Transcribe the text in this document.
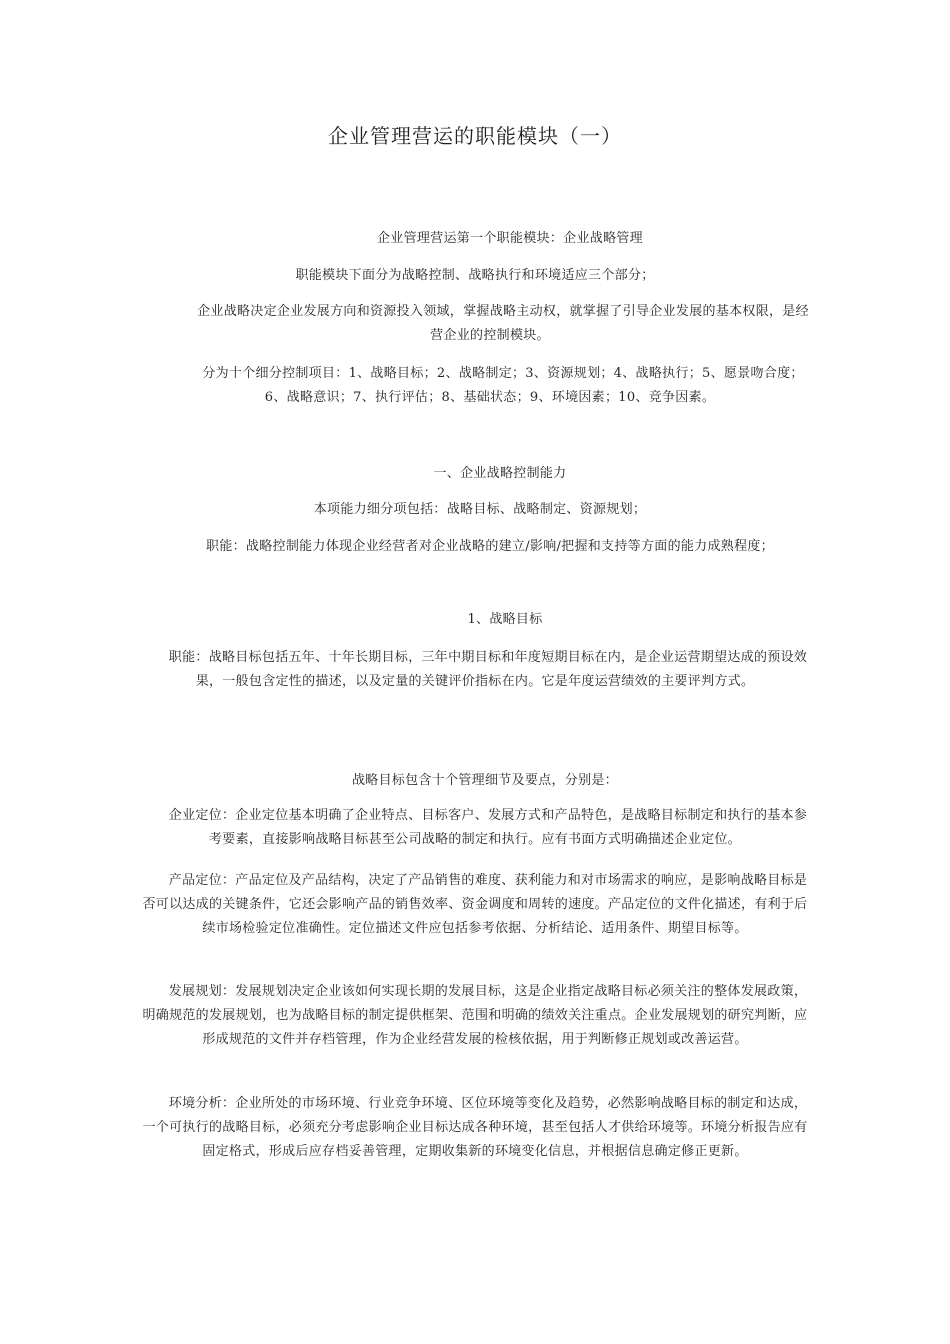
企业管理营运的职能模块（一）
企业管理营运第一个职能模块：企业战略管理
职能模块下面分为战略控制、战略执行和环境适应三个部分；
企业战略决定企业发展方向和资源投入领域，掌握战略主动权，就掌握了引导企业发展的基本权限，是经营企业的控制模块。
分为十个细分控制项目：1、战略目标；2、战略制定；3、资源规划；4、战略执行；5、愿景吻合度；6、战略意识；7、执行评估；8、基础状态；9、环境因素；10、竞争因素。
一、企业战略控制能力
本项能力细分项包括：战略目标、战略制定、资源规划；
职能：战略控制能力体现企业经营者对企业战略的建立/影响/把握和支持等方面的能力成熟程度；
1、战略目标
职能：战略目标包括五年、十年长期目标，三年中期目标和年度短期目标在内，是企业运营期望达成的预设效果，一般包含定性的描述，以及定量的关键评价指标在内。它是年度运营绩效的主要评判方式。
战略目标包含十个管理细节及要点，分别是：
企业定位：企业定位基本明确了企业特点、目标客户、发展方式和产品特色，是战略目标制定和执行的基本参考要素，直接影响战略目标甚至公司战略的制定和执行。应有书面方式明确描述企业定位。
产品定位：产品定位及产品结构，决定了产品销售的难度、获利能力和对市场需求的响应，是影响战略目标是否可以达成的关键条件，它还会影响产品的销售效率、资金调度和周转的速度。产品定位的文件化描述，有利于后续市场检验定位准确性。定位描述文件应包括参考依据、分析结论、适用条件、期望目标等。
发展规划：发展规划决定企业该如何实现长期的发展目标，这是企业指定战略目标必须关注的整体发展政策，明确规范的发展规划，也为战略目标的制定提供框架、范围和明确的绩效关注重点。企业发展规划的研究判断，应形成规范的文件并存档管理，作为企业经营发展的检核依据，用于判断修正规划或改善运营。
环境分析：企业所处的市场环境、行业竞争环境、区位环境等变化及趋势，必然影响战略目标的制定和达成，一个可执行的战略目标，必须充分考虑影响企业目标达成各种环境，甚至包括人才供给环境等。环境分析报告应有固定格式，形成后应存档妥善管理，定期收集新的环境变化信息，并根据信息确定修正更新。
